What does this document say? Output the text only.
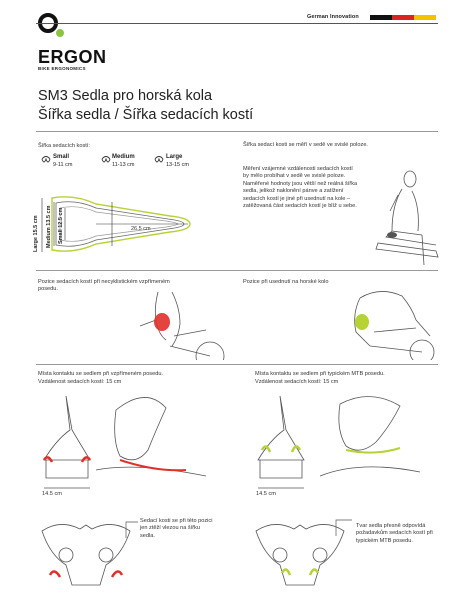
ERGON
BIKE ERGONOMICS
German Innovation
SM3 Sedla pro horská kola
Šířka sedla / Šířka sedacích kostí
Šířka sedacích kostí:
Small
9-11 cm
Medium
11-13 cm
Large
13-15 cm
26.5 cm
Large 15.5 cm Medium 13.5 cm Small 12.5 cm
Šířka sedací kosti se měří v sedě ve svislé poloze.
Měření vzájemné vzdálenosti sedacích kostí by mělo probíhat v sedě ve svislé poloze. Naměřené hodnoty jsou větší než reálná šířka sedla, jelikož naklonění pánve a zatížení sedacích kostí je jiné při usednutí na kole – zatěžovaná část sedacích kostí je blíž u sebe.
Pozice sedacích kostí při necyklistickém vzpřímeném posedu.
Pozice při usednutí na horské kolo
Místa kontaktu se sedlem při vzpřímeném posedu.
Vzdálenost sedacích kostí: 15 cm
Místa kontaktu se sedlem při typickém MTB posedu.
Vzdálenost sedacích kostí: 15 cm
14.5 cm	14.5 cm
Sedací kosti se při této pozici jen ztěží vlezou na šířku sedla.
Tvar sedla přesně odpovídá požadavkům sedacích kostí při typickém MTB posedu.
